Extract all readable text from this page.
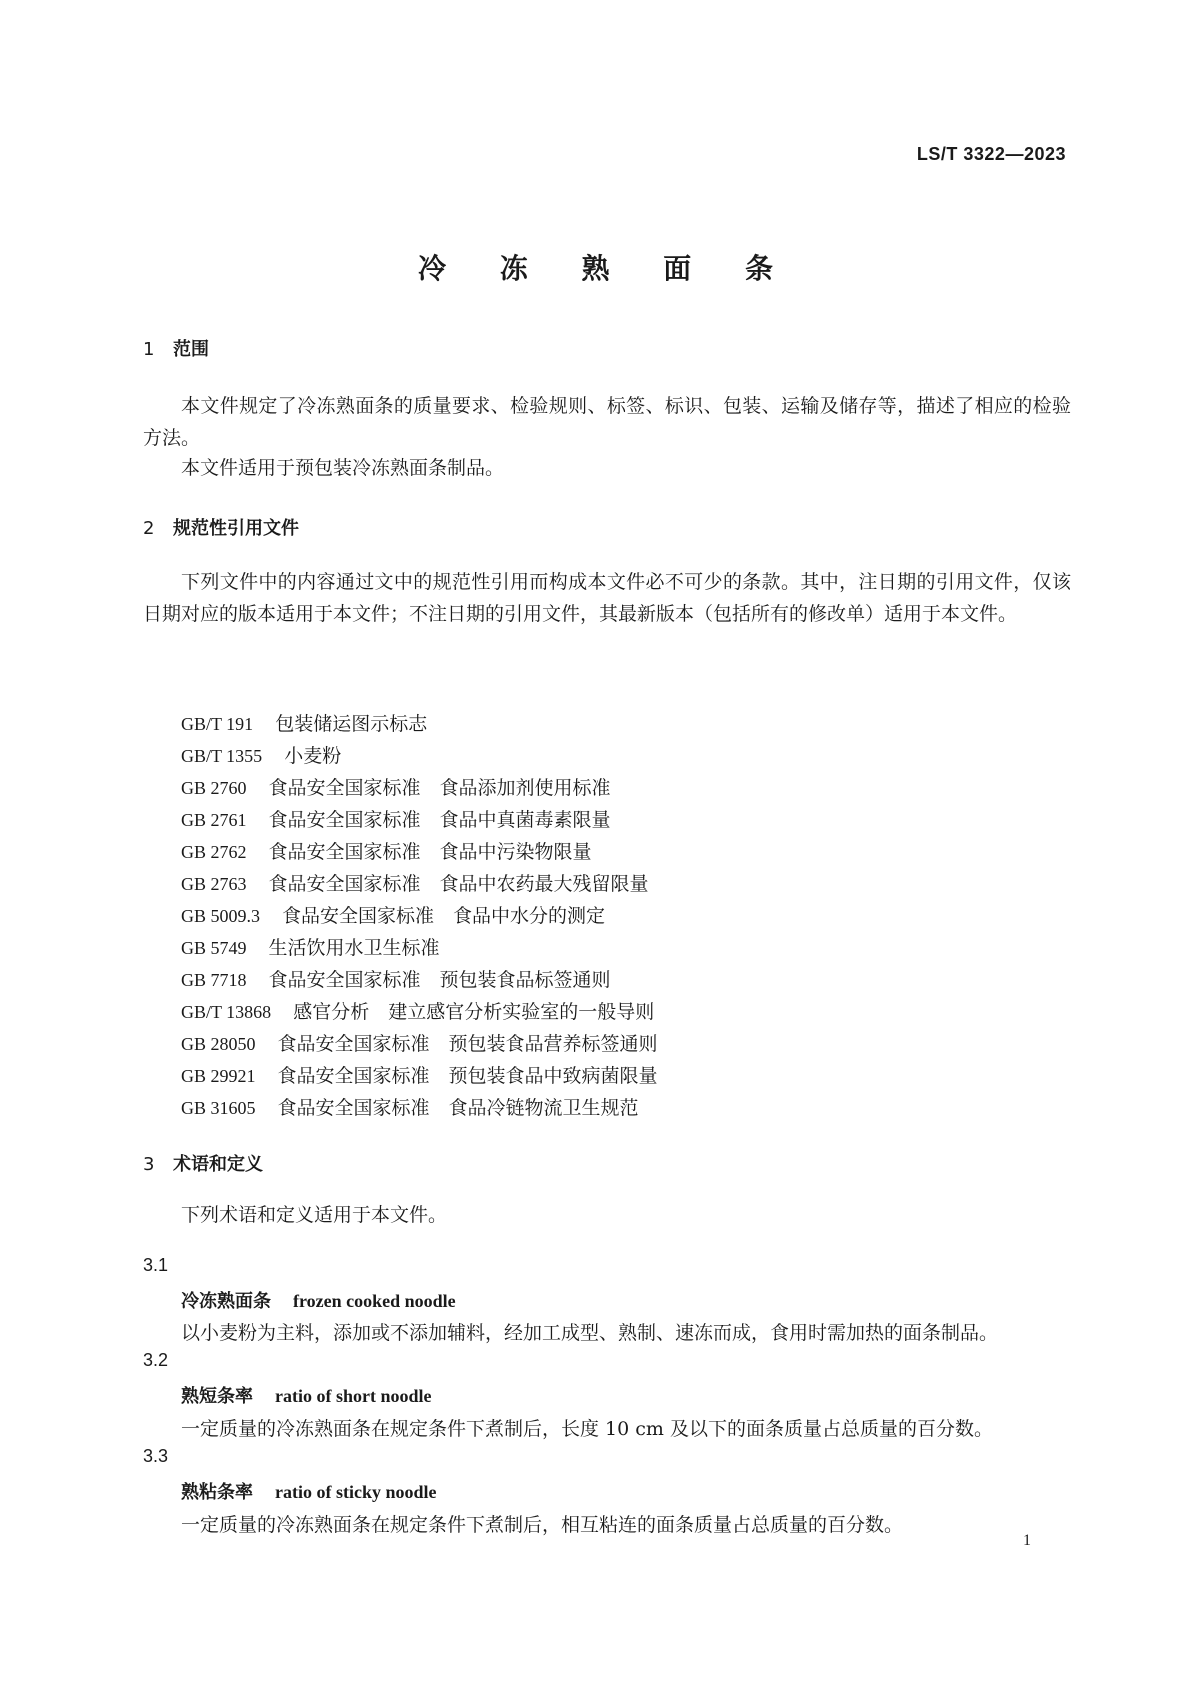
LS/T 3322—2023
冷 冻 熟 面 条
1 范围

本文件规定了冷冻熟面条的质量要求、检验规则、标签、标识、包装、运输及储存等，描述了相应的检验方法。

本文件适用于预包装冷冻熟面条制品。

2 规范性引用文件

下列文件中的内容通过文中的规范性引用而构成本文件必不可少的条款。其中，注日期的引用文件，仅该日期对应的版本适用于本文件；不注日期的引用文件，其最新版本（包括所有的修改单）适用于本文件。

GB/T 191 包装储运图示标志
GB/T 1355 小麦粉
GB 2760 食品安全国家标准　食品添加剂使用标准
GB 2761 食品安全国家标准　食品中真菌毒素限量
GB 2762 食品安全国家标准　食品中污染物限量
GB 2763 食品安全国家标准　食品中农药最大残留限量
GB 5009.3 食品安全国家标准　食品中水分的测定
GB 5749 生活饮用水卫生标准
GB 7718 食品安全国家标准　预包装食品标签通则
GB/T 13868 感官分析　建立感官分析实验室的一般导则
GB 28050 食品安全国家标准　预包装食品营养标签通则
GB 29921 食品安全国家标准　预包装食品中致病菌限量
GB 31605 食品安全国家标准　食品冷链物流卫生规范
3 术语和定义

下列术语和定义适用于本文件。

3.1
冷冻熟面条 frozen cooked noodle
以小麦粉为主料，添加或不添加辅料，经加工成型、熟制、速冻而成，食用时需加热的面条制品。
3.2
熟短条率 ratio of short noodle
一定质量的冷冻熟面条在规定条件下煮制后，长度 10 cm 及以下的面条质量占总质量的百分数。
3.3
熟粘条率 ratio of sticky noodle
一定质量的冷冻熟面条在规定条件下煮制后，相互粘连的面条质量占总质量的百分数。
1
